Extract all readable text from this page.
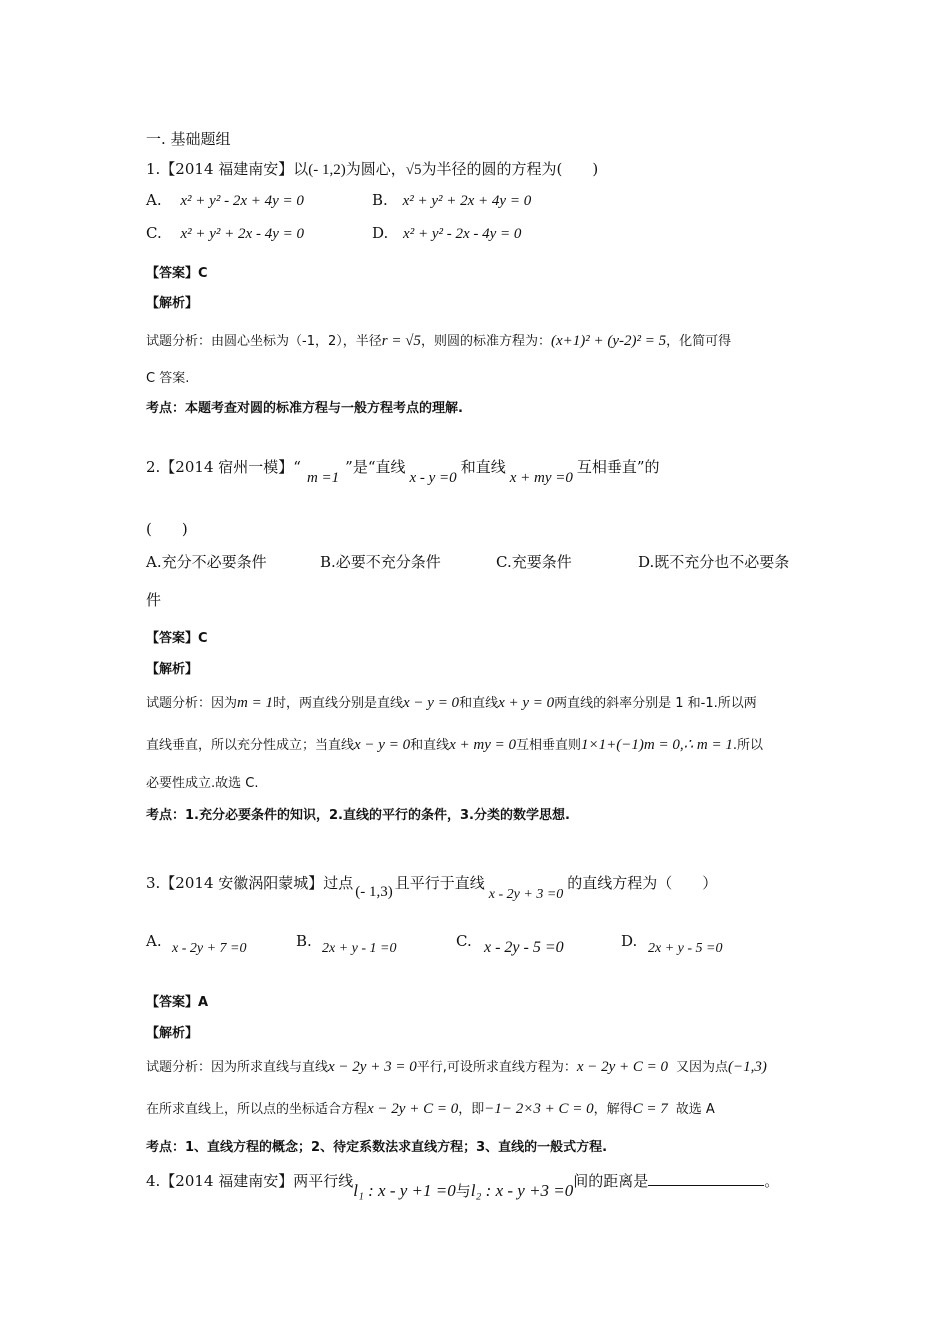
一. 基础题组
1.【2014 福建南安】以(- 1,2)为圆心，√5为半径的圆的方程为(　　)
A. x² + y² - 2x + 4y = 0	B. x² + y² + 2x + 4y = 0
C. x² + y² + 2x - 4y = 0	D. x² + y² - 2x - 4y = 0
【答案】C
【解析】
试题分析：由圆心坐标为（-1，2），半径r = √5，则圆的标准方程为：(x+1)² + (y-2)² = 5，化简可得
C 答案.
考点：本题考查对圆的标准方程与一般方程考点的理解.
2.【2014 宿州一模】“m =1”是“直线x - y =0和直线x + my =0互相垂直”的
(　　)
A.充分不必要条件	B.必要不充分条件	C.充要条件	D.既不充分也不必要条
件
【答案】C
【解析】
试题分析：因为m = 1时，两直线分别是直线x − y = 0和直线x + y = 0两直线的斜率分别是 1 和-1.所以两
直线垂直，所以充分性成立；当直线x − y = 0和直线x + my = 0互相垂直则1×1+(−1)m = 0,∴ m = 1.所以
必要性成立.故选 C.
考点：1.充分必要条件的知识，2.直线的平行的条件，3.分类的数学思想.
3.【2014 安徽涡阳蒙城】过点 (- 1,3) 且平行于直线x - 2y + 3 =0的直线方程为（　　）
A. x - 2y + 7 =0	B. 2x + y - 1 =0	C. x - 2y - 5 =0	D. 2x + y - 5 =0
【答案】A
【解析】
试题分析：因为所求直线与直线x − 2y + 3 = 0平行,可设所求直线方程为：x − 2y + C = 0 又因为点(−1,3)
在所求直线上，所以点的坐标适合方程x − 2y + C = 0，即−1− 2×3 + C = 0，解得C = 7 故选 A
考点：1、直线方程的概念；2、待定系数法求直线方程；3、直线的一般式方程.
4.【2014 福建南安】两平行线l₁ : x - y +1 =0与l₂ : x - y +3 =0间的距离是	。
